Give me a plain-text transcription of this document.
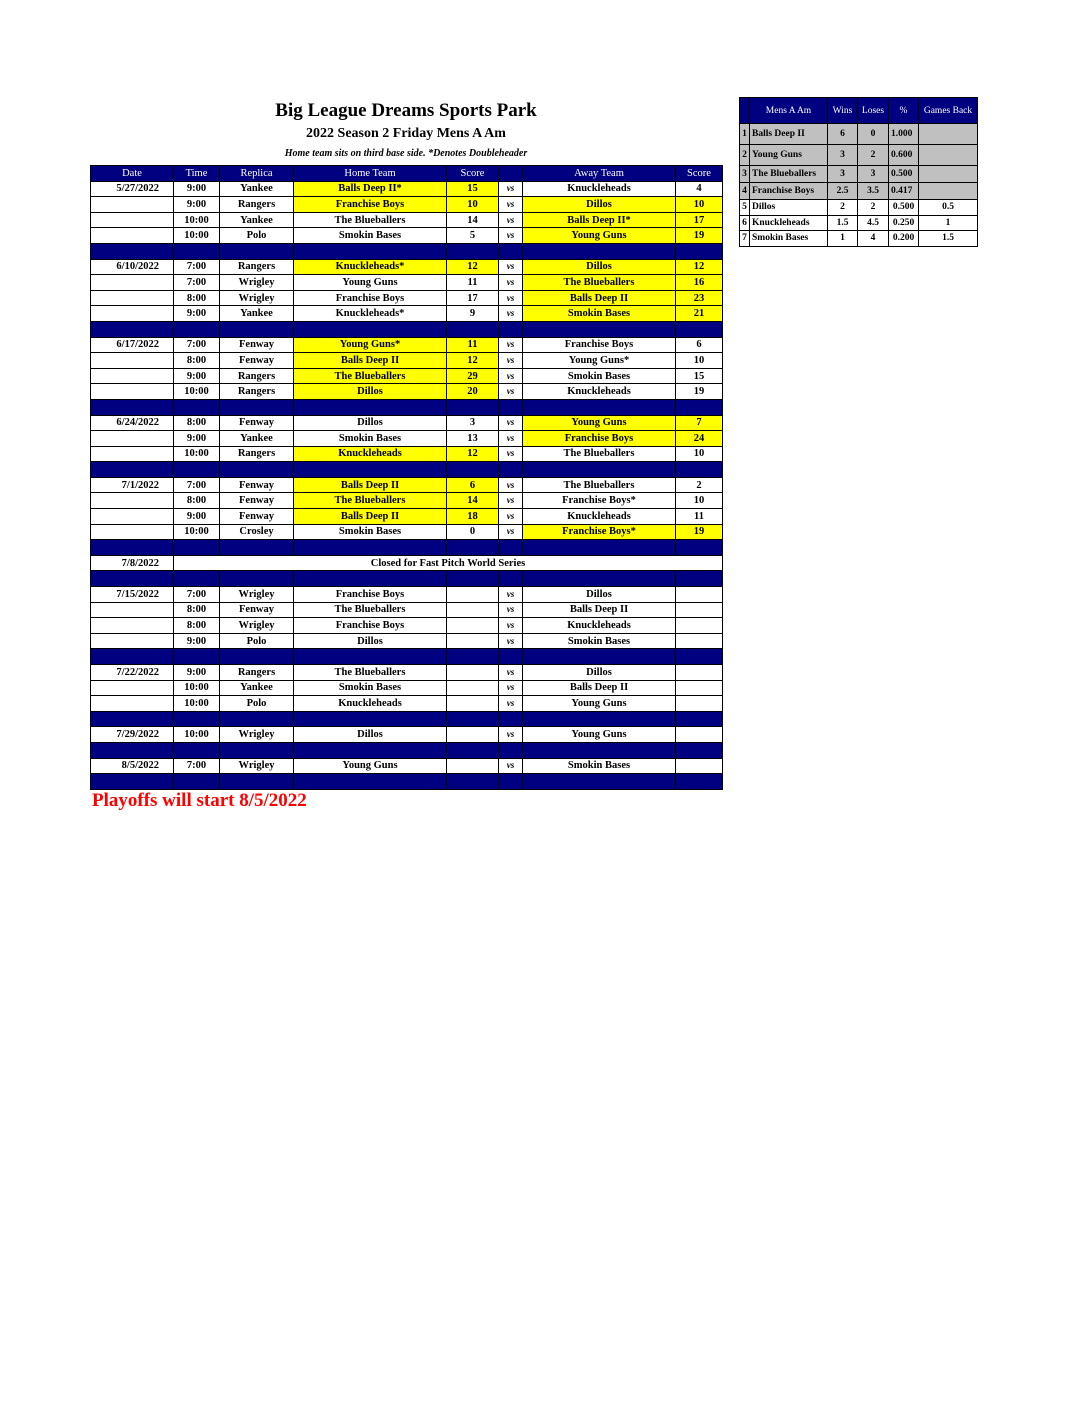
Big League Dreams Sports Park
2022 Season 2 Friday Mens A Am
Home team sits on third base side. *Denotes Doubleheader
Date	Time	Replica	Home Team	Score		Away Team	Score
5/27/2022	9:00	Yankee	Balls Deep II*	15	vs	Knuckleheads	4
	9:00	Rangers	Franchise Boys	10	vs	Dillos	10
	10:00	Yankee	The Blueballers	14	vs	Balls Deep II*	17
	10:00	Polo	Smokin Bases	5	vs	Young Guns	19

6/10/2022	7:00	Rangers	Knuckleheads*	12	vs	Dillos	12
	7:00	Wrigley	Young Guns	11	vs	The Blueballers	16
	8:00	Wrigley	Franchise Boys	17	vs	Balls Deep II	23
	9:00	Yankee	Knuckleheads*	9	vs	Smokin Bases	21

6/17/2022	7:00	Fenway	Young Guns*	11	vs	Franchise Boys	6
	8:00	Fenway	Balls Deep II	12	vs	Young Guns*	10
	9:00	Rangers	The Blueballers	29	vs	Smokin Bases	15
	10:00	Rangers	Dillos	20	vs	Knuckleheads	19

6/24/2022	8:00	Fenway	Dillos	3	vs	Young Guns	7
	9:00	Yankee	Smokin Bases	13	vs	Franchise Boys	24
	10:00	Rangers	Knuckleheads	12	vs	The Blueballers	10

7/1/2022	7:00	Fenway	Balls Deep II	6	vs	The Blueballers	2
	8:00	Fenway	The Blueballers	14	vs	Franchise Boys*	10
	9:00	Fenway	Balls Deep II	18	vs	Knuckleheads	11
	10:00	Crosley	Smokin Bases	0	vs	Franchise Boys*	19

7/8/2022	Closed for Fast Pitch World Series						

7/15/2022	7:00	Wrigley	Franchise Boys		vs	Dillos	
	8:00	Fenway	The Blueballers		vs	Balls Deep II	
	8:00	Wrigley	Franchise Boys		vs	Knuckleheads	
	9:00	Polo	Dillos		vs	Smokin Bases	

7/22/2022	9:00	Rangers	The Blueballers		vs	Dillos	
	10:00	Yankee	Smokin Bases		vs	Balls Deep II	
	10:00	Polo	Knuckleheads		vs	Young Guns	

7/29/2022	10:00	Wrigley	Dillos		vs	Young Guns	

8/5/2022	7:00	Wrigley	Young Guns		vs	Smokin Bases	

	Mens A Am	Wins	Loses	%	Games Back
1	Balls Deep II	6	0	1.000	
2	Young Guns	3	2	0.600	
3	The Blueballers	3	3	0.500	
4	Franchise Boys	2.5	3.5	0.417	
5	Dillos	2	2	0.500	0.5
6	Knuckleheads	1.5	4.5	0.250	1
7	Smokin Bases	1	4	0.200	1.5
Playoffs will start 8/5/2022
